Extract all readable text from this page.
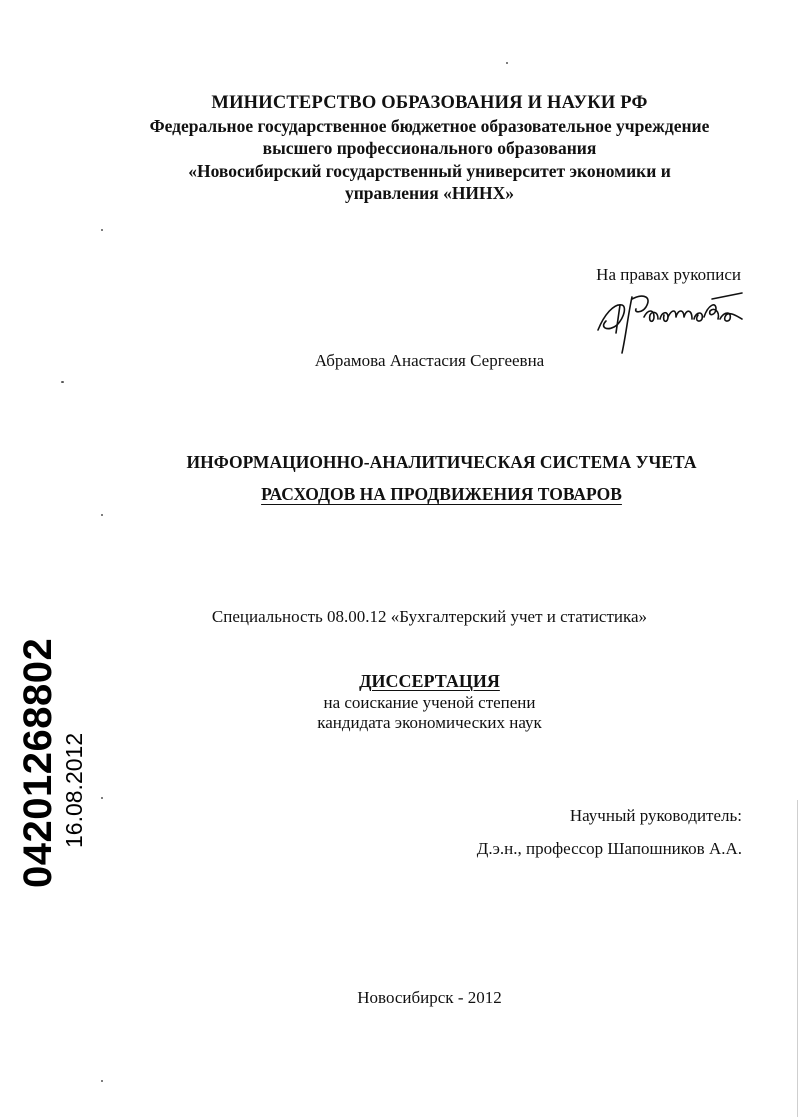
МИНИСТЕРСТВО ОБРАЗОВАНИЯ И НАУКИ РФ
Федеральное государственное бюджетное образовательное учреждение
высшего профессионального образования
«Новосибирский государственный университет экономики и
управления «НИНХ»
На правах рукописи
Абрамова Анастасия Сергеевна
ИНФОРМАЦИОННО-АНАЛИТИЧЕСКАЯ СИСТЕМА УЧЕТА
РАСХОДОВ НА ПРОДВИЖЕНИЯ ТОВАРОВ
Специальность 08.00.12 «Бухгалтерский учет и статистика»
ДИССЕРТАЦИЯ
на соискание ученой степени
кандидата экономических наук
Научный руководитель:
Д.э.н., профессор Шапошников А.А.
Новосибирск - 2012
04201268802 16.08.2012
